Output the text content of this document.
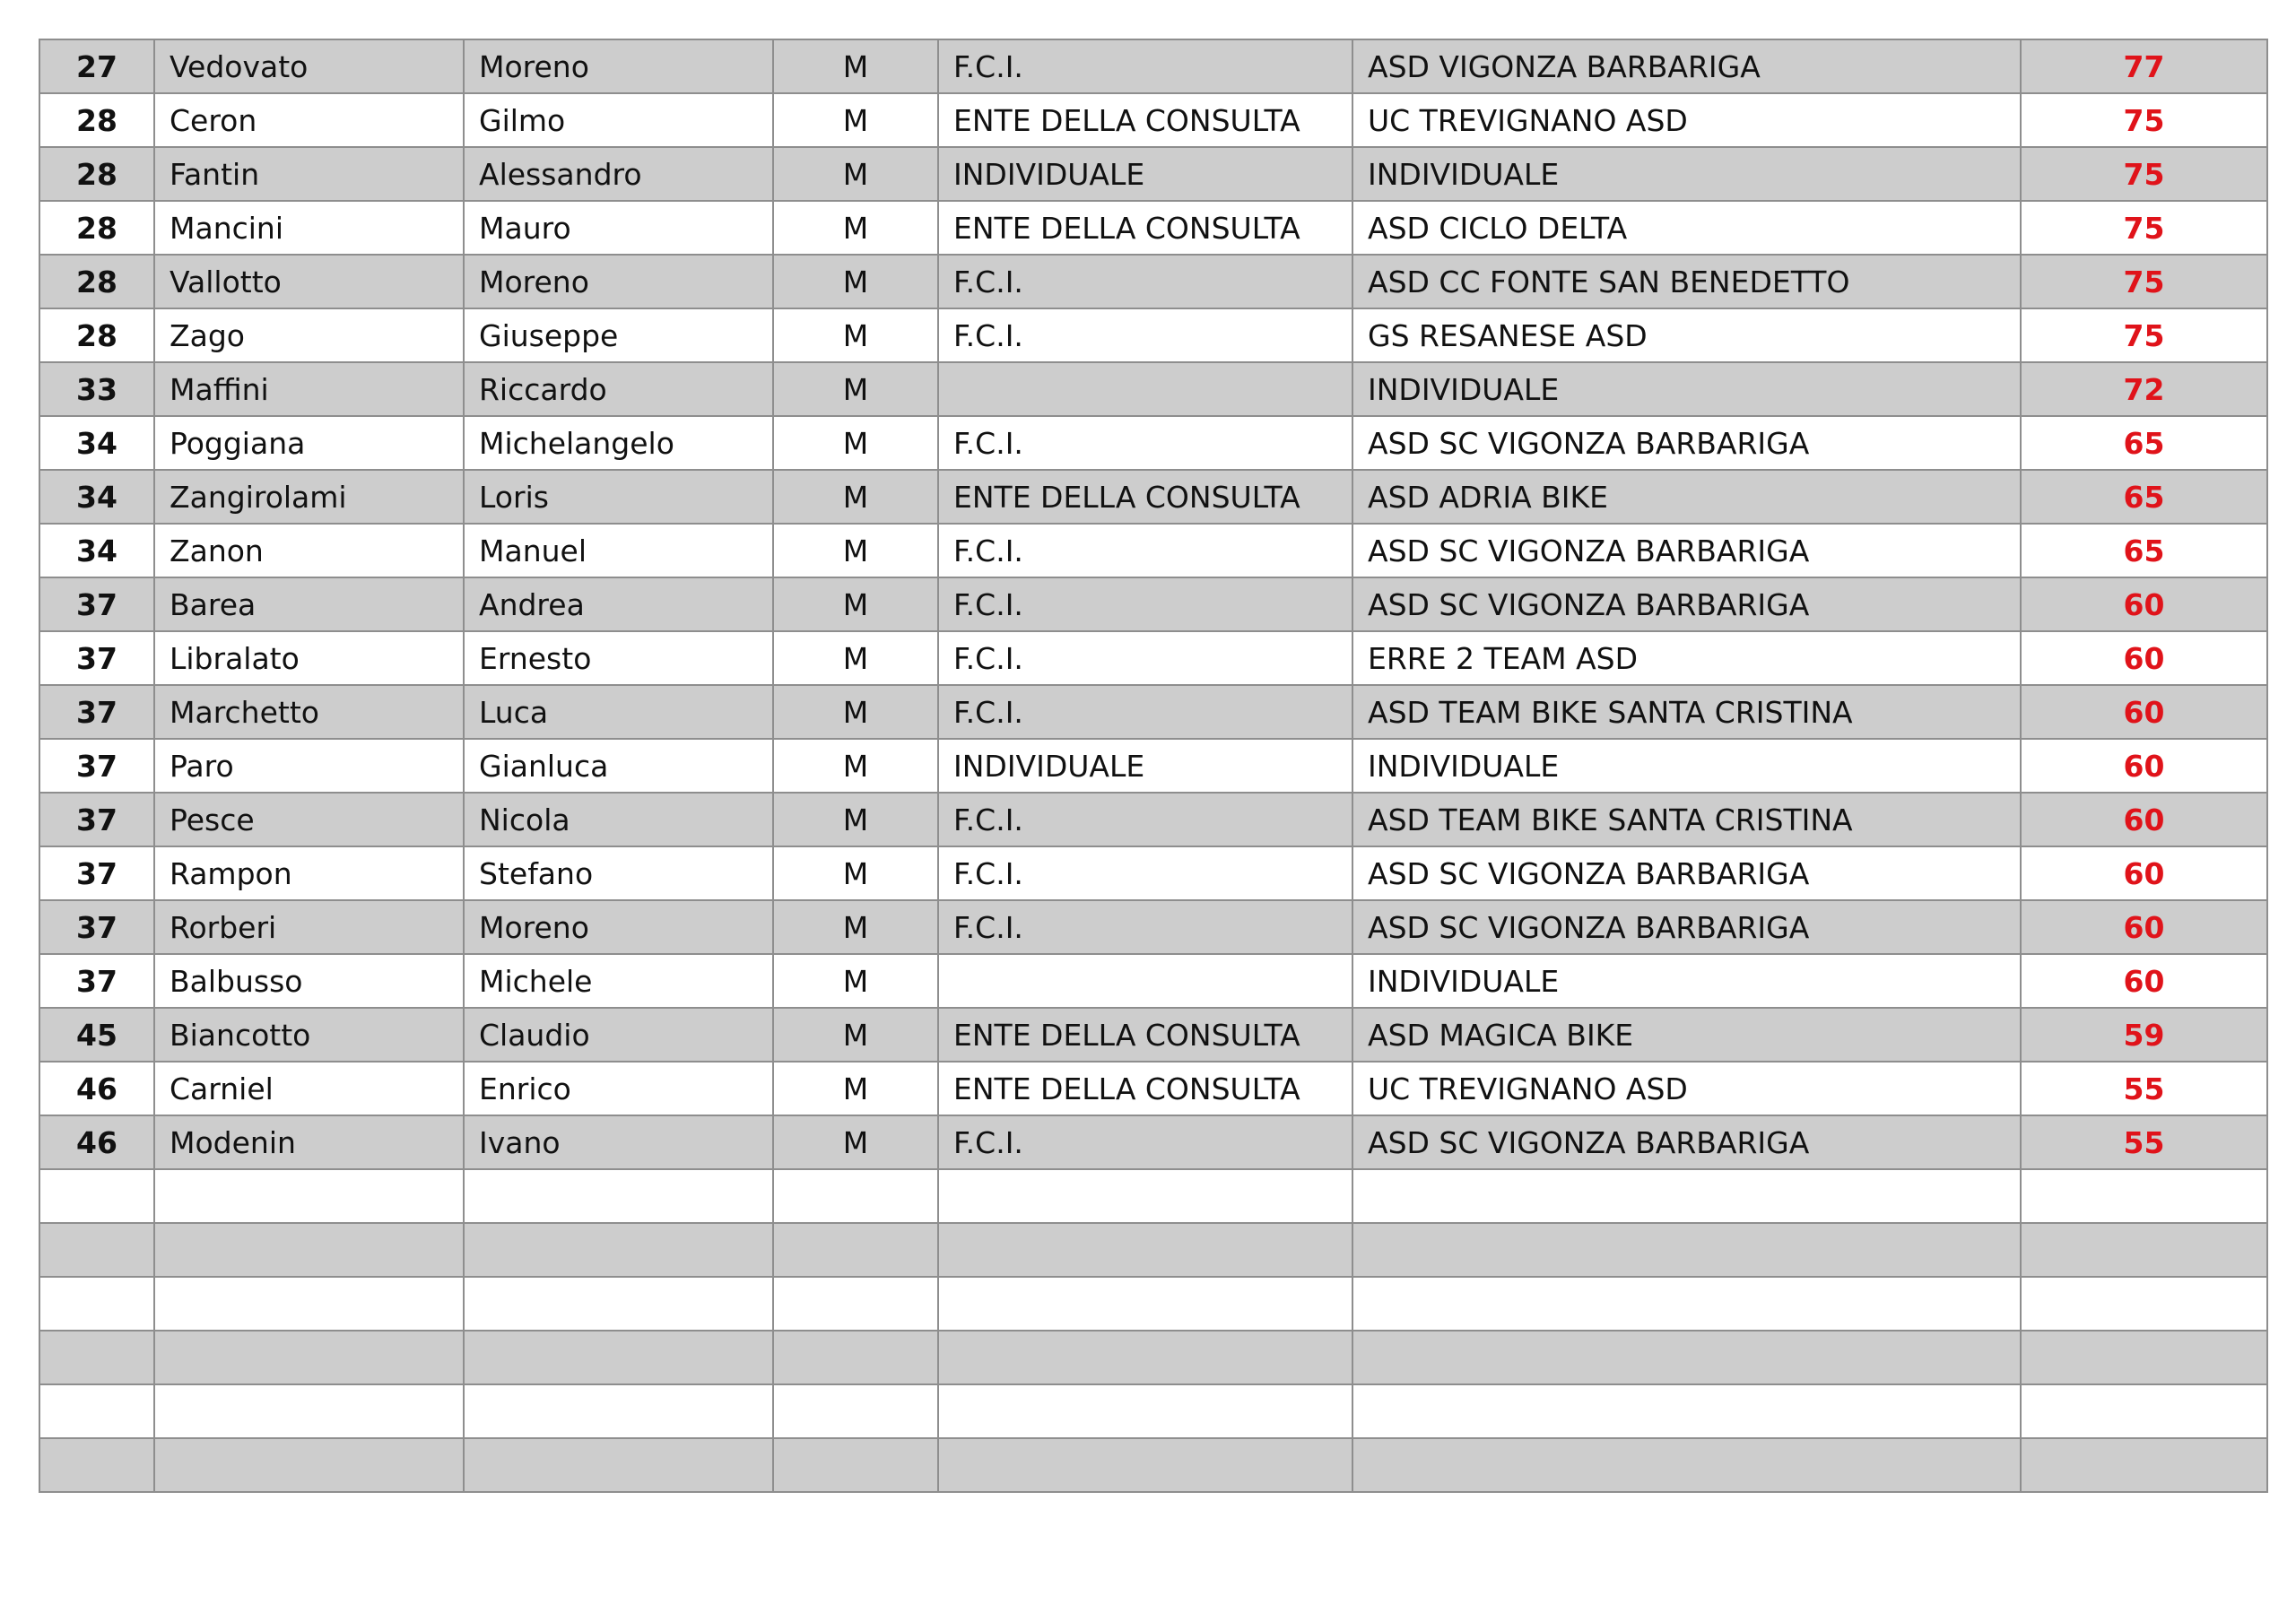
27	Vedovato	Moreno	M	F.C.I.	ASD VIGONZA BARBARIGA	77
28	Ceron	Gilmo	M	ENTE DELLA CONSULTA	UC TREVIGNANO ASD	75
28	Fantin	Alessandro	M	INDIVIDUALE	INDIVIDUALE	75
28	Mancini	Mauro	M	ENTE DELLA CONSULTA	ASD CICLO DELTA	75
28	Vallotto	Moreno	M	F.C.I.	ASD CC FONTE SAN BENEDETTO	75
28	Zago	Giuseppe	M	F.C.I.	GS RESANESE ASD	75
33	Maffini	Riccardo	M		INDIVIDUALE	72
34	Poggiana	Michelangelo	M	F.C.I.	ASD SC VIGONZA BARBARIGA	65
34	Zangirolami	Loris	M	ENTE DELLA CONSULTA	ASD ADRIA BIKE	65
34	Zanon	Manuel	M	F.C.I.	ASD SC VIGONZA BARBARIGA	65
37	Barea	Andrea	M	F.C.I.	ASD SC VIGONZA BARBARIGA	60
37	Libralato	Ernesto	M	F.C.I.	ERRE 2 TEAM ASD	60
37	Marchetto	Luca	M	F.C.I.	ASD TEAM BIKE SANTA CRISTINA	60
37	Paro	Gianluca	M	INDIVIDUALE	INDIVIDUALE	60
37	Pesce	Nicola	M	F.C.I.	ASD TEAM BIKE SANTA CRISTINA	60
37	Rampon	Stefano	M	F.C.I.	ASD SC VIGONZA BARBARIGA	60
37	Rorberi	Moreno	M	F.C.I.	ASD SC VIGONZA BARBARIGA	60
37	Balbusso	Michele	M		INDIVIDUALE	60
45	Biancotto	Claudio	M	ENTE DELLA CONSULTA	ASD MAGICA BIKE	59
46	Carniel	Enrico	M	ENTE DELLA CONSULTA	UC TREVIGNANO ASD	55
46	Modenin	Ivano	M	F.C.I.	ASD SC VIGONZA BARBARIGA	55
